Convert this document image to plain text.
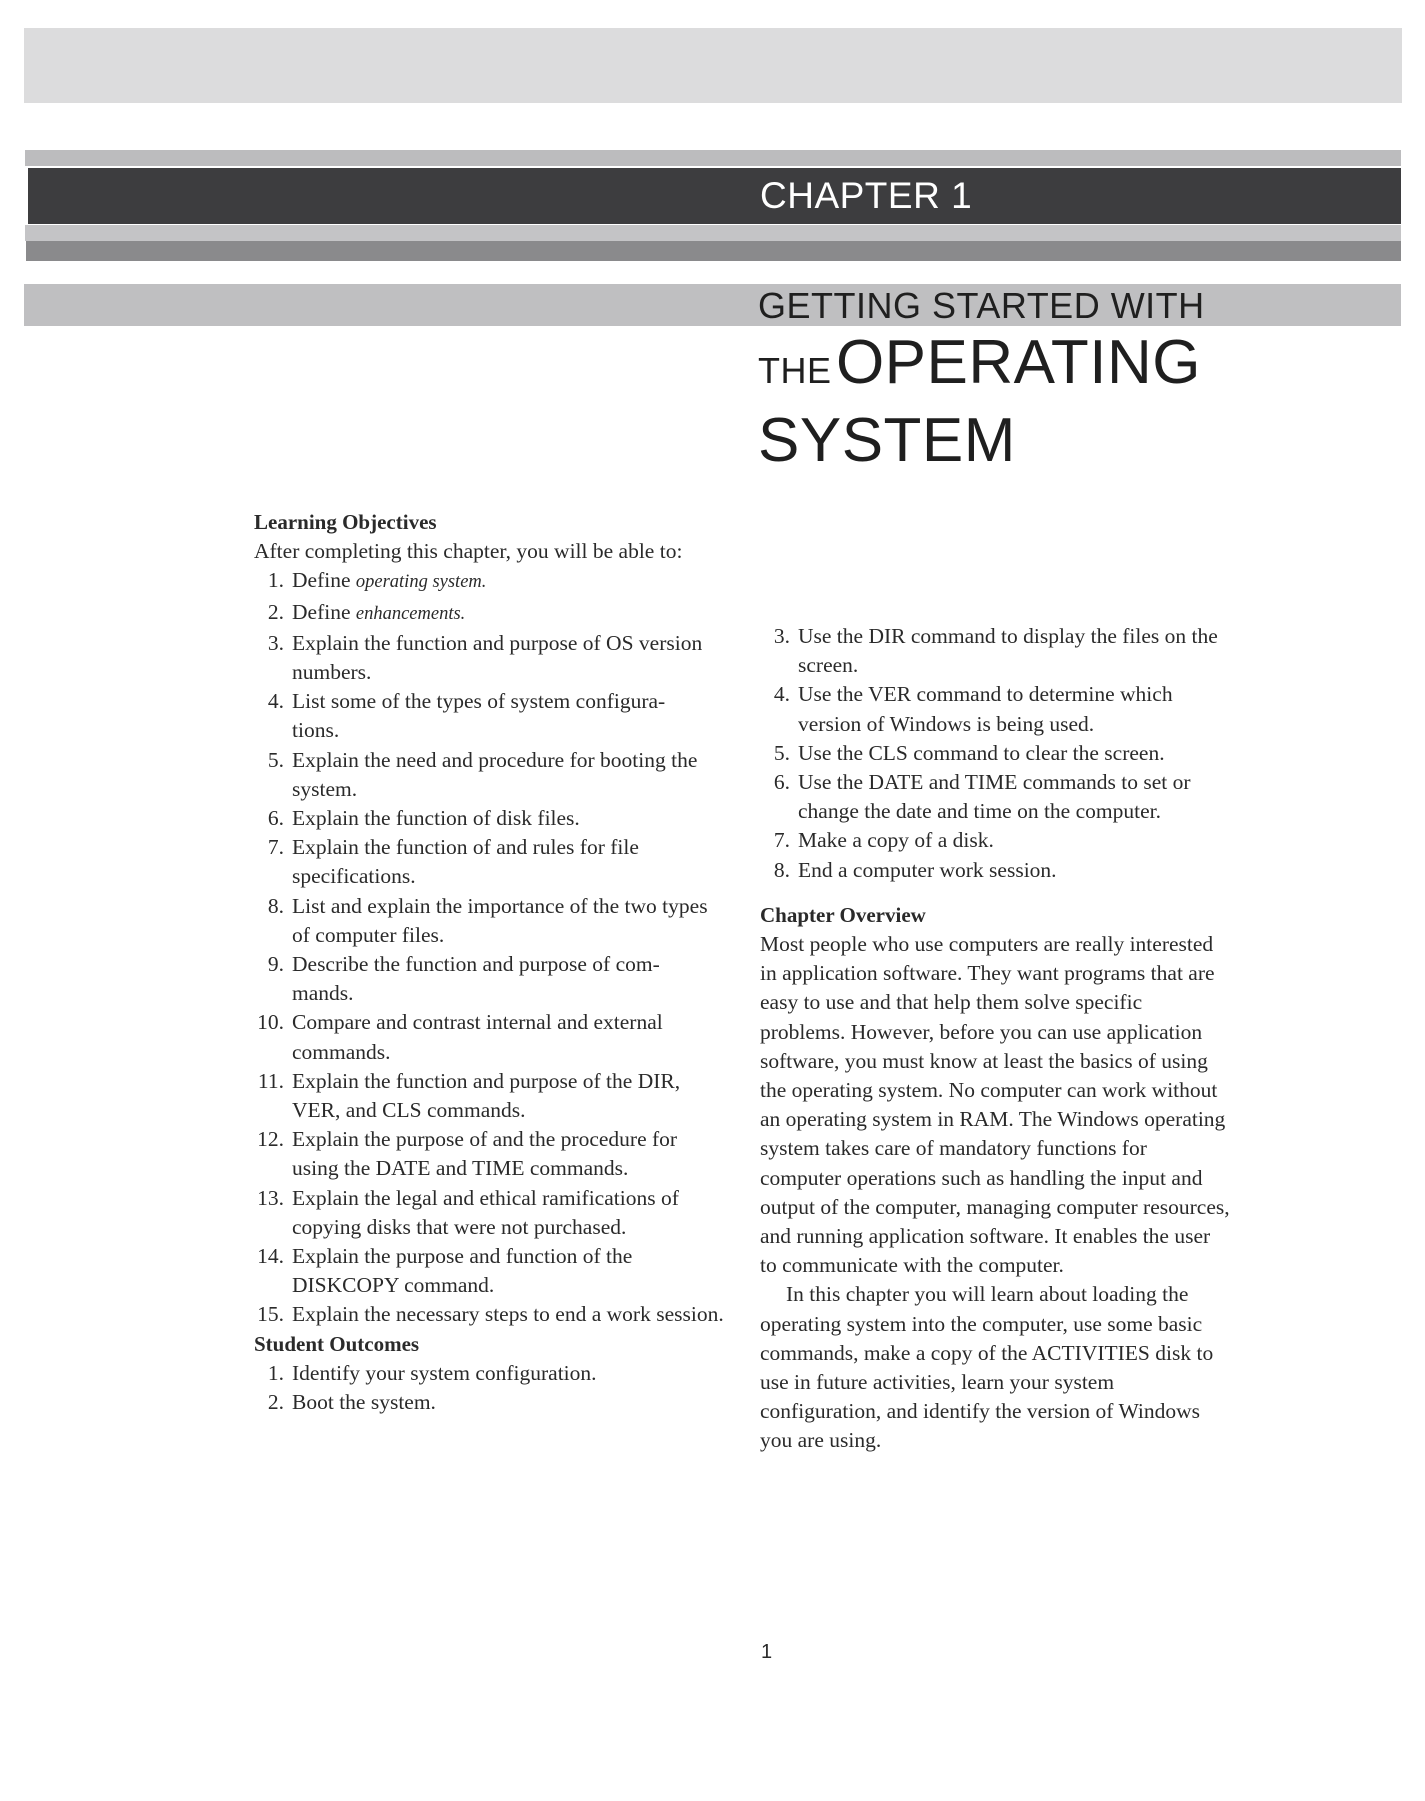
CHAPTER 1
GETTING STARTED WITH
THE OPERATING
SYSTEM
Learning Objectives
After completing this chapter, you will be able to:
1. Define operating system.
2. Define enhancements.
3. Explain the function and purpose of OS version numbers.
4. List some of the types of system configura-
tions.
5. Explain the need and procedure for booting the system.
6. Explain the function of disk files.
7. Explain the function of and rules for file specifications.
8. List and explain the importance of the two types of computer files.
9. Describe the function and purpose of com-
mands.
10. Compare and contrast internal and external commands.
11. Explain the function and purpose of the DIR, VER, and CLS commands.
12. Explain the purpose of and the procedure for using the DATE and TIME commands.
13. Explain the legal and ethical ramifications of copying disks that were not purchased.
14. Explain the purpose and function of the DISKCOPY command.
15. Explain the necessary steps to end a work session.
Student Outcomes
1. Identify your system configuration.
2. Boot the system.
3. Use the DIR command to display the files on the screen.
4. Use the VER command to determine which version of Windows is being used.
5. Use the CLS command to clear the screen.
6. Use the DATE and TIME commands to set or change the date and time on the computer.
7. Make a copy of a disk.
8. End a computer work session.
Chapter Overview
Most people who use computers are really interested in application software. They want programs that are easy to use and that help them solve specific problems. However, before you can use application software, you must know at least the basics of using the operating system. No computer can work without an operating system in RAM. The Windows operating system takes care of mandatory functions for computer operations such as handling the input and output of the computer, managing computer resources, and running application software. It enables the user to communicate with the computer.
In this chapter you will learn about loading the operating system into the computer, use some basic commands, make a copy of the ACTIVITIES disk to use in future activities, learn your system configuration, and identify the version of Windows you are using.
1
